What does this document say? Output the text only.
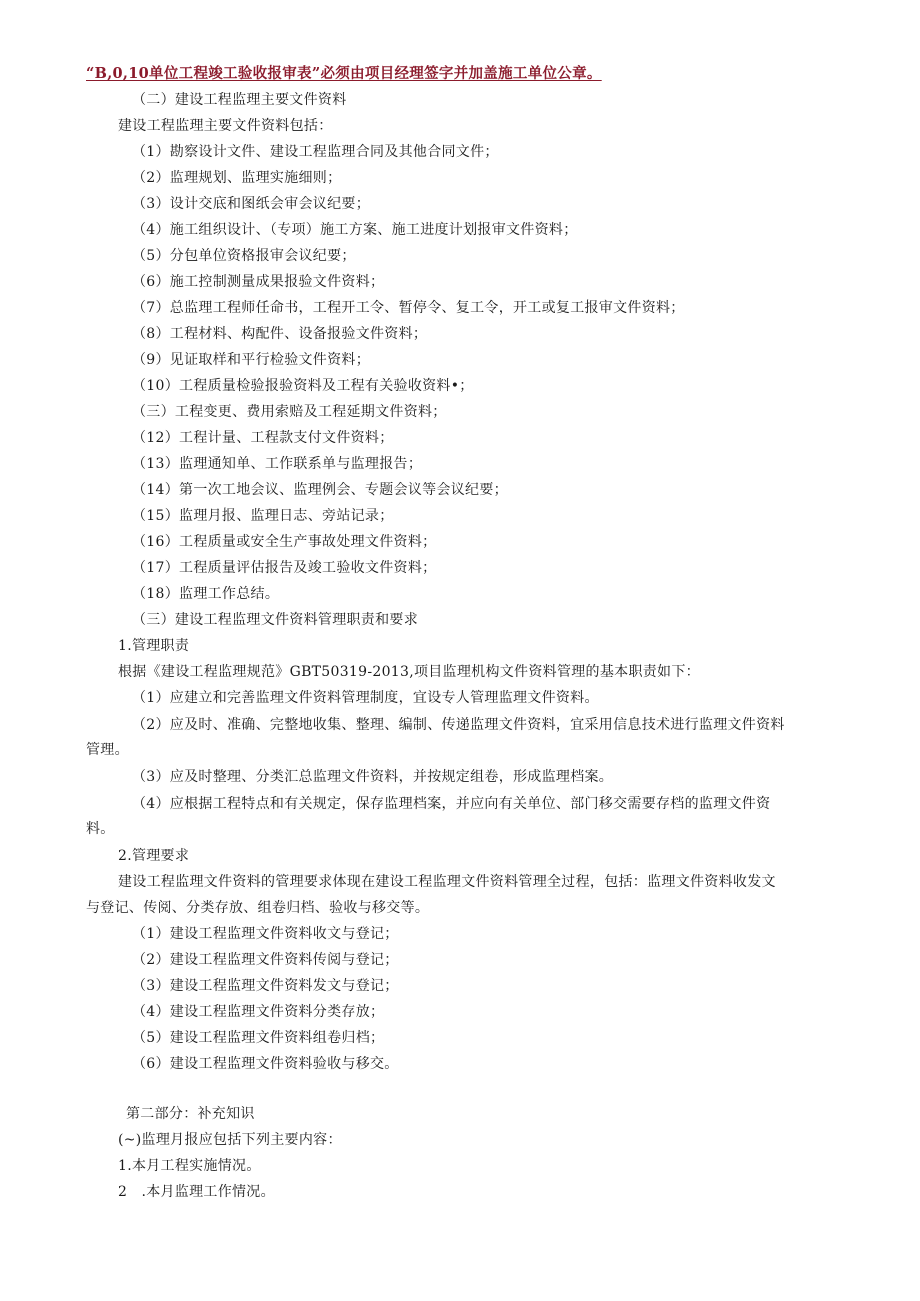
“B,0,10单位工程竣工验收报审表”必须由项目经理签字并加盖施工单位公章。
（二）建设工程监理主要文件资料
建设工程监理主要文件资料包括：
（1）勘察设计文件、建设工程监理合同及其他合同文件；
（2）监理规划、监理实施细则；
（3）设计交底和图纸会审会议纪要；
（4）施工组织设计、（专项）施工方案、施工进度计划报审文件资料；
（5）分包单位资格报审会议纪要；
（6）施工控制测量成果报验文件资料；
（7）总监理工程师任命书，工程开工令、暂停令、复工令，开工或复工报审文件资料；
（8）工程材料、构配件、设备报验文件资料；
（9）见证取样和平行检验文件资料；
（10）工程质量检验报验资料及工程有关验收资料•；
（三）工程变更、费用索赔及工程延期文件资料；
（12）工程计量、工程款支付文件资料；
（13）监理通知单、工作联系单与监理报告；
（14）第一次工地会议、监理例会、专题会议等会议纪要；
（15）监理月报、监理日志、旁站记录；
（16）工程质量或安全生产事故处理文件资料；
（17）工程质量评估报告及竣工验收文件资料；
（18）监理工作总结。
（三）建设工程监理文件资料管理职责和要求
1.管理职责
根据《建设工程监理规范》GBT50319-2013,项目监理机构文件资料管理的基本职责如下：
（1）应建立和完善监理文件资料管理制度，宜设专人管理监理文件资料。
（2）应及时、准确、完整地收集、整理、编制、传递监理文件资料，宜采用信息技术进行监理文件资料
管理。
（3）应及时整理、分类汇总监理文件资料，并按规定组卷，形成监理档案。
（4）应根据工程特点和有关规定，保存监理档案，并应向有关单位、部门移交需要存档的监理文件资
料。
2.管理要求
建设工程监理文件资料的管理要求体现在建设工程监理文件资料管理全过程，包括：监理文件资料收发文
与登记、传阅、分类存放、组卷归档、验收与移交等。
（1）建设工程监理文件资料收文与登记；
（2）建设工程监理文件资料传阅与登记；
（3）建设工程监理文件资料发文与登记；
（4）建设工程监理文件资料分类存放；
（5）建设工程监理文件资料组卷归档；
（6）建设工程监理文件资料验收与移交。
第二部分：补充知识
(~)监理月报应包括下列主要内容：
1.本月工程实施情况。
2   .本月监理工作情况。
